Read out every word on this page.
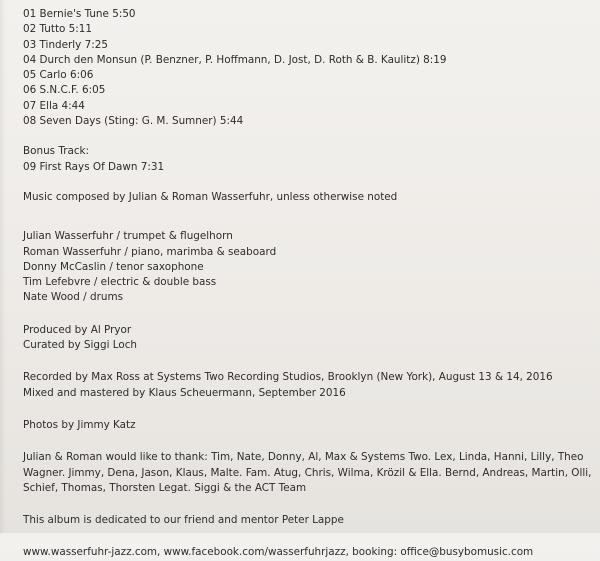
01 Bernie's Tune 5:50
02 Tutto 5:11
03 Tinderly 7:25
04 Durch den Monsun (P. Benzner, P. Hoffmann, D. Jost, D. Roth & B. Kaulitz) 8:19
05 Carlo 6:06
06 S.N.C.F. 6:05
07 Ella 4:44
08 Seven Days (Sting: G. M. Sumner) 5:44
Bonus Track:
09 First Rays Of Dawn 7:31
Music composed by Julian & Roman Wasserfuhr, unless otherwise noted
Julian Wasserfuhr / trumpet & flugelhorn
Roman Wasserfuhr / piano, marimba & seaboard
Donny McCaslin / tenor saxophone
Tim Lefebvre / electric & double bass
Nate Wood / drums
Produced by Al Pryor
Curated by Siggi Loch
Recorded by Max Ross at Systems Two Recording Studios, Brooklyn (New York), August 13 & 14, 2016
Mixed and mastered by Klaus Scheuermann, September 2016
Photos by Jimmy Katz
Julian & Roman would like to thank: Tim, Nate, Donny, Al, Max & Systems Two. Lex, Linda, Hanni, Lilly, Theo
Wagner. Jimmy, Dena, Jason, Klaus, Malte. Fam. Atug, Chris, Wilma, Krözil & Ella. Bernd, Andreas, Martin, Olli,
Schief, Thomas, Thorsten Legat. Siggi & the ACT Team
This album is dedicated to our friend and mentor Peter Lappe
www.wasserfuhr-jazz.com, www.facebook.com/wasserfuhrjazz, booking: office@busybomusic.com
